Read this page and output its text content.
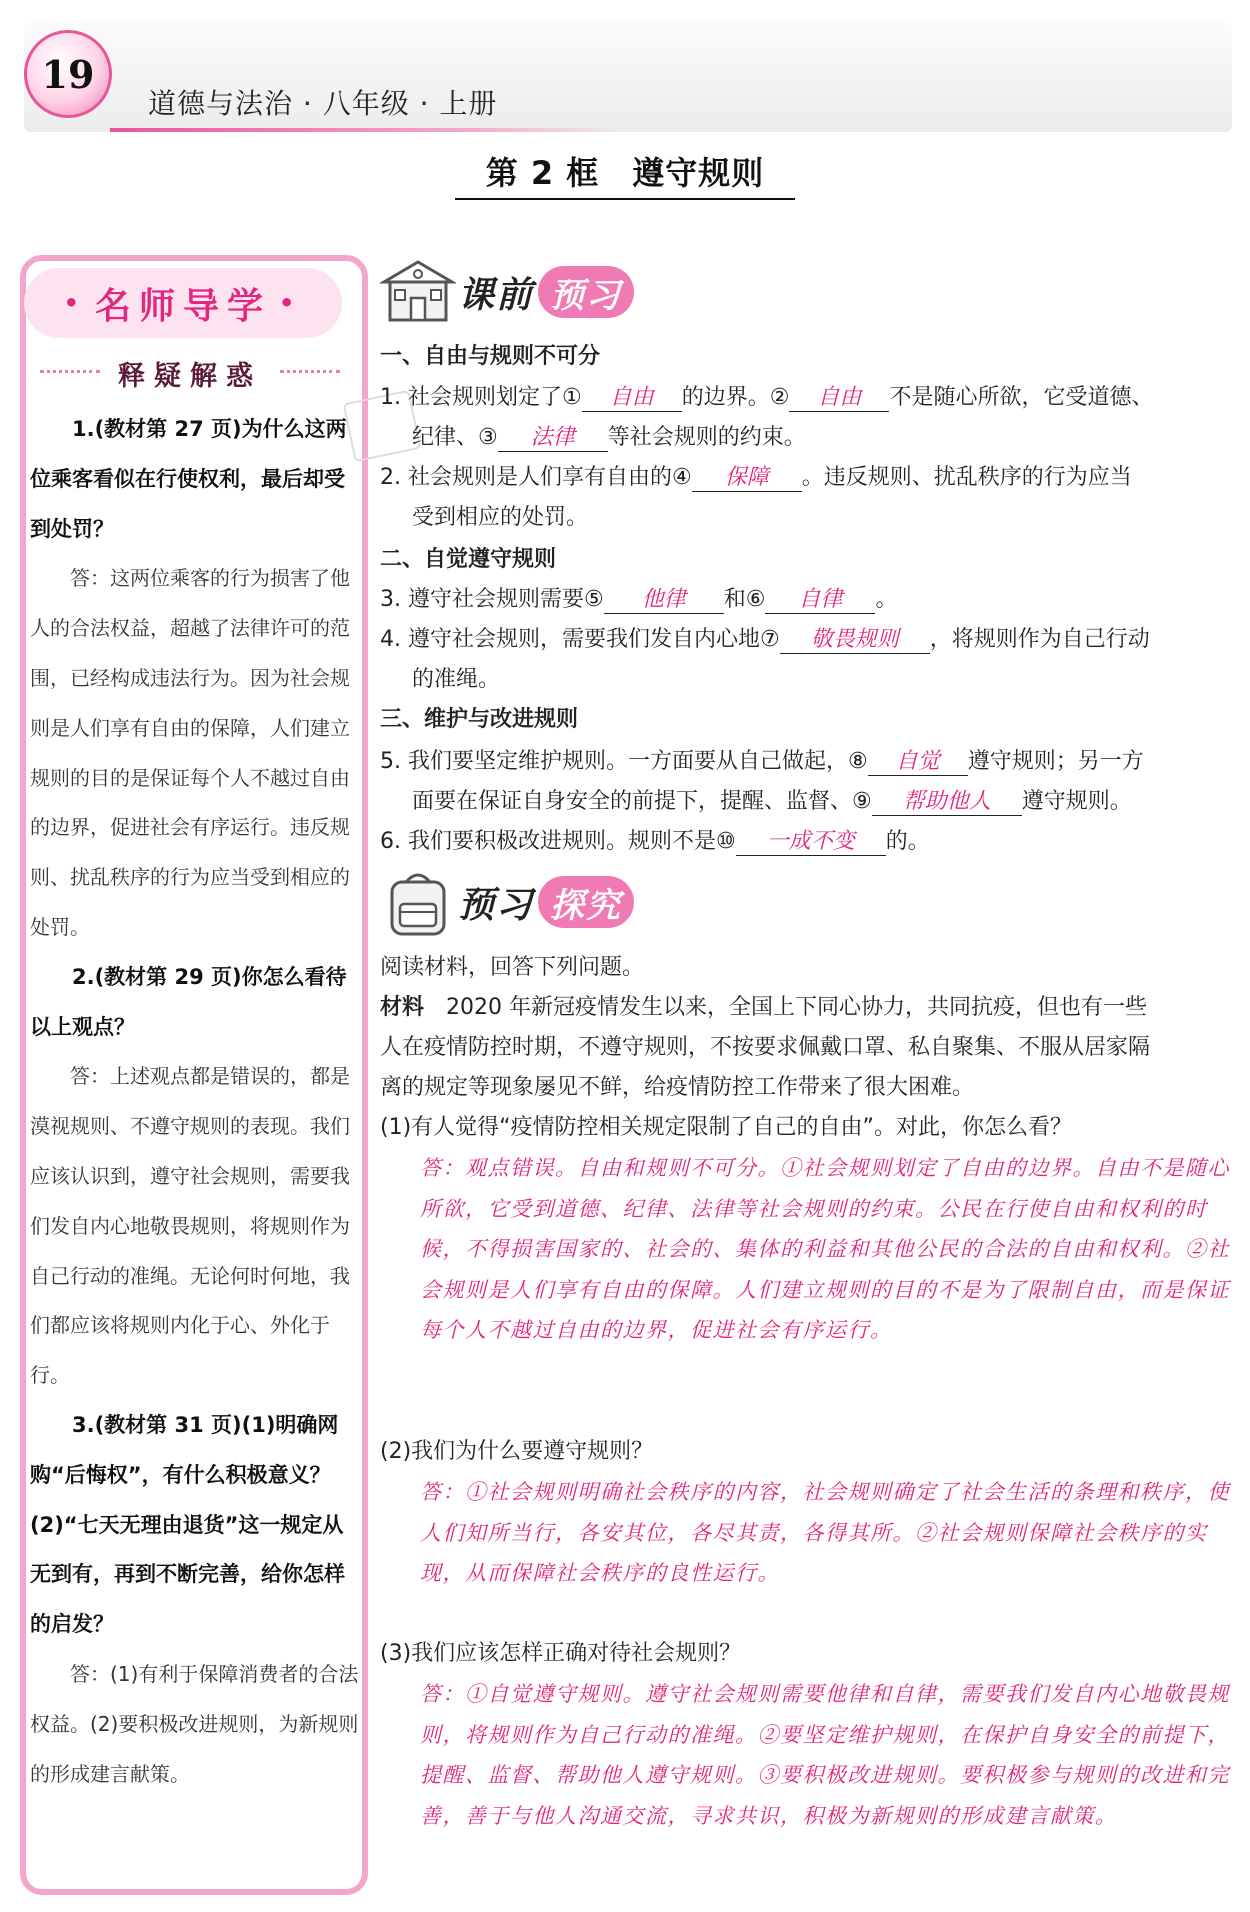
19
道德与法治 · 八年级 · 上册
第 2 框　遵守规则
• 名师导学 •
释疑解惑
1.(教材第 27 页)为什么这两位乘客看似在行使权利，最后却受到处罚？
答：这两位乘客的行为损害了他人的合法权益，超越了法律许可的范围，已经构成违法行为。因为社会规则是人们享有自由的保障，人们建立规则的目的是保证每个人不越过自由的边界，促进社会有序运行。违反规则、扰乱秩序的行为应当受到相应的处罚。
2.(教材第 29 页)你怎么看待以上观点？
答：上述观点都是错误的，都是漠视规则、不遵守规则的表现。我们应该认识到，遵守社会规则，需要我们发自内心地敬畏规则，将规则作为自己行动的准绳。无论何时何地，我们都应该将规则内化于心、外化于行。
3.(教材第 31 页)(1)明确网购“后悔权”，有什么积极意义？(2)“七天无理由退货”这一规定从无到有，再到不断完善，给你怎样的启发？
答：(1)有利于保障消费者的合法权益。(2)要积极改进规则，为新规则的形成建言献策。
课前 预习
一、自由与规则不可分
1. 社会规则划定了① 自由 的边界。② 自由 不是随心所欲，它受道德、
纪律、③ 法律 等社会规则的约束。
2. 社会规则是人们享有自由的④ 保障 。违反规则、扰乱秩序的行为应当
受到相应的处罚。
二、自觉遵守规则
3. 遵守社会规则需要⑤ 他律 和⑥ 自律 。
4. 遵守社会规则，需要我们发自内心地⑦ 敬畏规则 ，将规则作为自己行动
的准绳。
三、维护与改进规则
5. 我们要坚定维护规则。一方面要从自己做起，⑧ 自觉 遵守规则；另一方
面要在保证自身安全的前提下，提醒、监督、⑨ 帮助他人 遵守规则。
6. 我们要积极改进规则。规则不是⑩ 一成不变 的。
预习 探究
阅读材料，回答下列问题。
材料　2020 年新冠疫情发生以来，全国上下同心协力，共同抗疫，但也有一些
人在疫情防控时期，不遵守规则，不按要求佩戴口罩、私自聚集、不服从居家隔
离的规定等现象屡见不鲜，给疫情防控工作带来了很大困难。
(1)有人觉得“疫情防控相关规定限制了自己的自由”。对此，你怎么看？
答：观点错误。自由和规则不可分。①社会规则划定了自由的边界。自由不是随心所欲，它受到道德、纪律、法律等社会规则的约束。公民在行使自由和权利的时候，不得损害国家的、社会的、集体的利益和其他公民的合法的自由和权利。②社会规则是人们享有自由的保障。人们建立规则的目的不是为了限制自由，而是保证每个人不越过自由的边界，促进社会有序运行。
(2)我们为什么要遵守规则？
答：①社会规则明确社会秩序的内容，社会规则确定了社会生活的条理和秩序，使人们知所当行，各安其位，各尽其责，各得其所。②社会规则保障社会秩序的实现，从而保障社会秩序的良性运行。
(3)我们应该怎样正确对待社会规则？
答：①自觉遵守规则。遵守社会规则需要他律和自律，需要我们发自内心地敬畏规则，将规则作为自己行动的准绳。②要坚定维护规则，在保护自身安全的前提下，提醒、监督、帮助他人遵守规则。③要积极改进规则。要积极参与规则的改进和完善，善于与他人沟通交流，寻求共识，积极为新规则的形成建言献策。
